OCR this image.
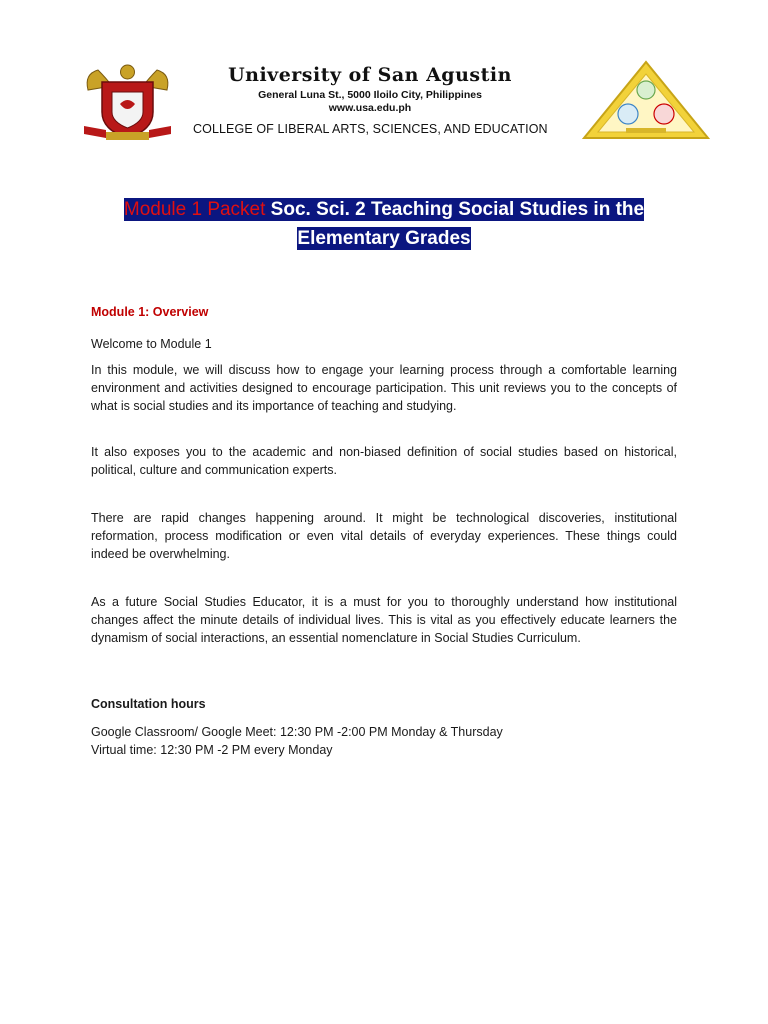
University of San Agustin
General Luna St., 5000 Iloilo City, Philippines
www.usa.edu.ph
COLLEGE OF LIBERAL ARTS, SCIENCES, AND EDUCATION
Module 1 Packet Soc. Sci. 2 Teaching Social Studies in the
Elementary Grades
Module 1: Overview

Welcome to Module 1

In this module, we will discuss how to engage your learning process through a comfortable learning environment and activities designed to encourage participation. This unit reviews you to the concepts of what is social studies and its importance of teaching and studying.

It also exposes you to the academic and non-biased definition of social studies based on historical, political, culture and communication experts.

There are rapid changes happening around. It might be technological discoveries, institutional reformation, process modification or even vital details of everyday experiences. These things could indeed be overwhelming.

As a future Social Studies Educator, it is a must for you to thoroughly understand how institutional changes affect the minute details of individual lives. This is vital as you effectively educate learners the dynamism of social interactions, an essential nomenclature in Social Studies Curriculum.

Consultation hours

Google Classroom/ Google Meet: 12:30 PM -2:00 PM Monday & Thursday

Virtual time: 12:30 PM -2 PM every Monday
